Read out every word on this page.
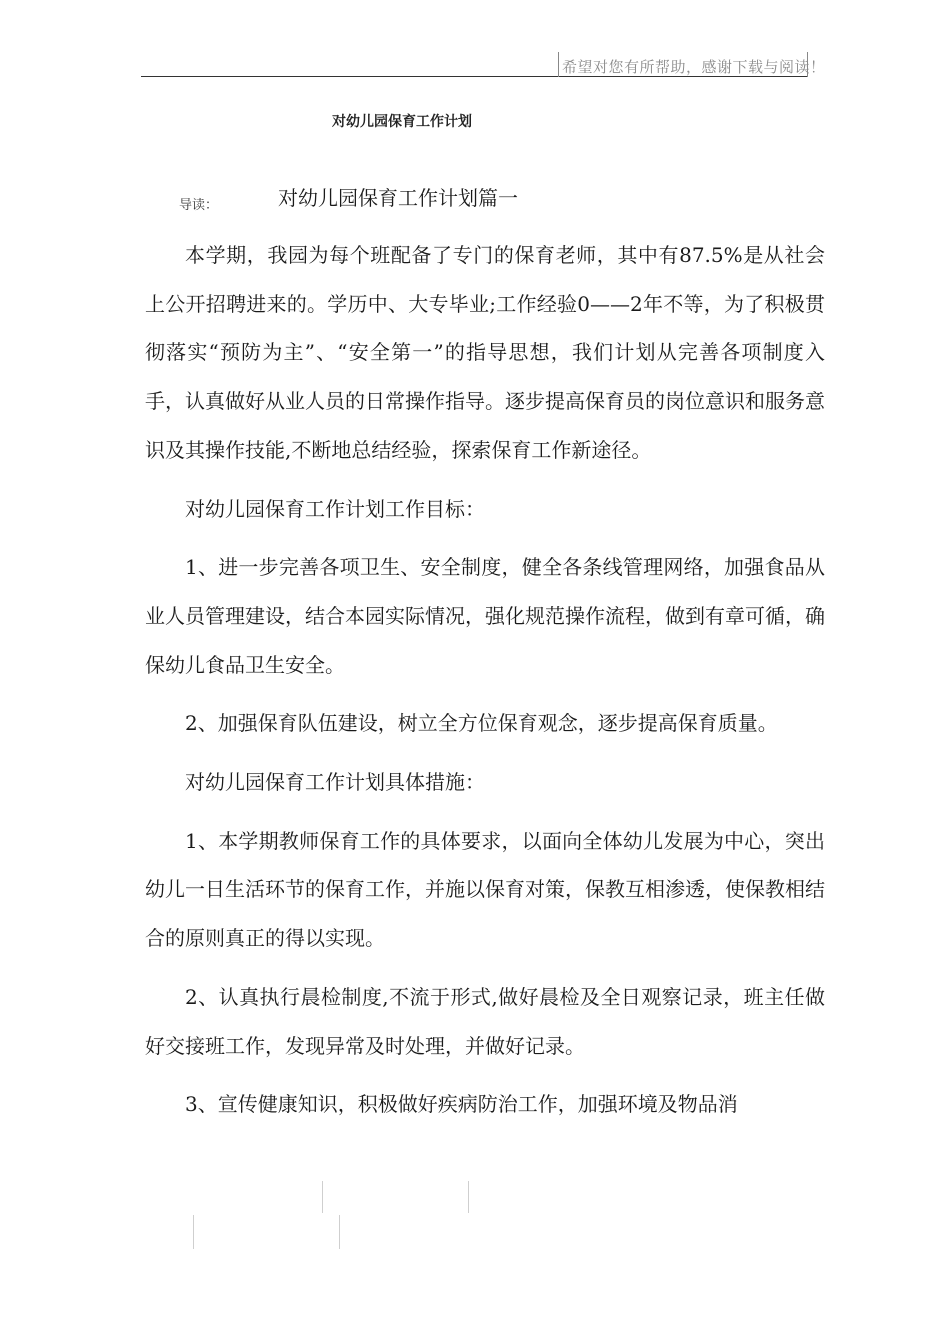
希望对您有所帮助，感谢下载与阅读！
对幼儿园保育工作计划
导读：	对幼儿园保育工作计划篇一

本学期，我园为每个班配备了专门的保育老师，其中有87.5%是从社会上公开招聘进来的。学历中、大专毕业;工作经验0——2年不等，为了积极贯彻落实“预防为主”、“安全第一”的指导思想，我们计划从完善各项制度入手，认真做好从业人员的日常操作指导。逐步提高保育员的岗位意识和服务意识及其操作技能,不断地总结经验，探索保育工作新途径。

对幼儿园保育工作计划工作目标：

1、进一步完善各项卫生、安全制度，健全各条线管理网络，加强食品从业人员管理建设，结合本园实际情况，强化规范操作流程，做到有章可循，确保幼儿食品卫生安全。

2、加强保育队伍建设，树立全方位保育观念，逐步提高保育质量。

对幼儿园保育工作计划具体措施：

1、本学期教师保育工作的具体要求，以面向全体幼儿发展为中心，突出幼儿一日生活环节的保育工作，并施以保育对策，保教互相渗透，使保教相结合的原则真正的得以实现。

2、认真执行晨检制度,不流于形式,做好晨检及全日观察记录，班主任做好交接班工作，发现异常及时处理，并做好记录。

3、宣传健康知识，积极做好疾病防治工作，加强环境及物品消
